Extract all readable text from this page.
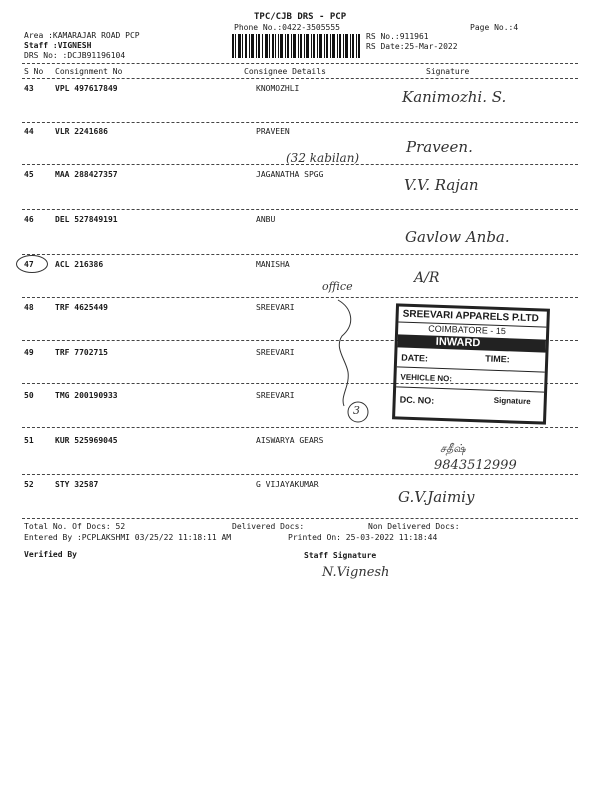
TPC/CJB DRS - PCP
Phone No.:0422-3505555	Page No.:4
Area :KAMARAJAR ROAD PCP
Staff :VIGNESH
DRS No: :DCJB91196104
RS No.:911961
RS Date:25-Mar-2022
S No Consignment No	Consignee Details	Signature
43	VPL 497617849	KNOMOZHLI	Kanimozhi. S.
44	VLR 2241686	PRAVEEN
Praveen.
(32 kabilan)
45	MAA 288427357	JAGANATHA SPGG
V.V. Rajan
46	DEL 527849191	ANBU
Gavlow Anba.
47	ACL 216386	MANISHA
A/R
office
48	TRF 4625449	SREEVARI
49	TRF 7702715	SREEVARI
50	TMG 200190933	SREEVARI
3
SREEVARI APPARELS P.LTD
COIMBATORE - 15
INWARD
DATE:	TIME:
VEHICLE NO:
DC. NO:	Signature
51	KUR 525969045	AISWARYA GEARS
சதீஷ்
9843512999
52	STY 32587	G VIJAYAKUMAR
G.V.Jaimiy
Total No. Of Docs: 52	Delivered Docs:	Non Delivered Docs:
Entered By :PCPLAKSHMI 03/25/22 11:18:11 AM	Printed On: 25-03-2022 11:18:44
Verified By	Staff Signature
N.Vignesh
